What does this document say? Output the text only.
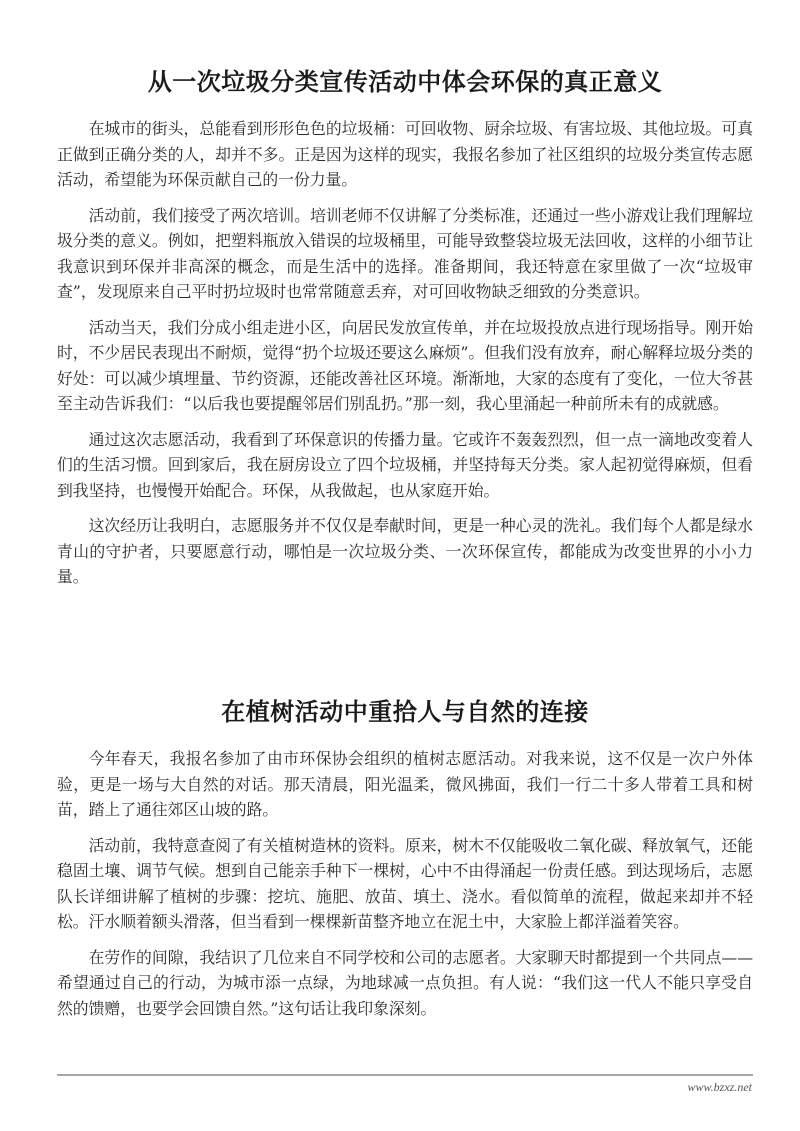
从一次垃圾分类宣传活动中体会环保的真正意义

在城市的街头，总能看到形形色色的垃圾桶：可回收物、厨余垃圾、有害垃圾、其他垃圾。可真正做到正确分类的人，却并不多。正是因为这样的现实，我报名参加了社区组织的垃圾分类宣传志愿活动，希望能为环保贡献自己的一份力量。

活动前，我们接受了两次培训。培训老师不仅讲解了分类标准，还通过一些小游戏让我们理解垃圾分类的意义。例如，把塑料瓶放入错误的垃圾桶里，可能导致整袋垃圾无法回收，这样的小细节让我意识到环保并非高深的概念，而是生活中的选择。准备期间，我还特意在家里做了一次“垃圾审查”，发现原来自己平时扔垃圾时也常常随意丢弃，对可回收物缺乏细致的分类意识。

活动当天，我们分成小组走进小区，向居民发放宣传单，并在垃圾投放点进行现场指导。刚开始时，不少居民表现出不耐烦，觉得“扔个垃圾还要这么麻烦”。但我们没有放弃，耐心解释垃圾分类的好处：可以减少填埋量、节约资源，还能改善社区环境。渐渐地，大家的态度有了变化，一位大爷甚至主动告诉我们：“以后我也要提醒邻居们别乱扔。”那一刻，我心里涌起一种前所未有的成就感。

通过这次志愿活动，我看到了环保意识的传播力量。它或许不轰轰烈烈，但一点一滴地改变着人们的生活习惯。回到家后，我在厨房设立了四个垃圾桶，并坚持每天分类。家人起初觉得麻烦，但看到我坚持，也慢慢开始配合。环保，从我做起，也从家庭开始。

这次经历让我明白，志愿服务并不仅仅是奉献时间，更是一种心灵的洗礼。我们每个人都是绿水青山的守护者，只要愿意行动，哪怕是一次垃圾分类、一次环保宣传，都能成为改变世界的小小力量。

在植树活动中重拾人与自然的连接

今年春天，我报名参加了由市环保协会组织的植树志愿活动。对我来说，这不仅是一次户外体验，更是一场与大自然的对话。那天清晨，阳光温柔，微风拂面，我们一行二十多人带着工具和树苗，踏上了通往郊区山坡的路。

活动前，我特意查阅了有关植树造林的资料。原来，树木不仅能吸收二氧化碳、释放氧气，还能稳固土壤、调节气候。想到自己能亲手种下一棵树，心中不由得涌起一份责任感。到达现场后，志愿队长详细讲解了植树的步骤：挖坑、施肥、放苗、填土、浇水。看似简单的流程，做起来却并不轻松。汗水顺着额头滑落，但当看到一棵棵新苗整齐地立在泥土中，大家脸上都洋溢着笑容。

在劳作的间隙，我结识了几位来自不同学校和公司的志愿者。大家聊天时都提到一个共同点——希望通过自己的行动，为城市添一点绿，为地球减一点负担。有人说：“我们这一代人不能只享受自然的馈赠，也要学会回馈自然。”这句话让我印象深刻。

www.bzxz.net
